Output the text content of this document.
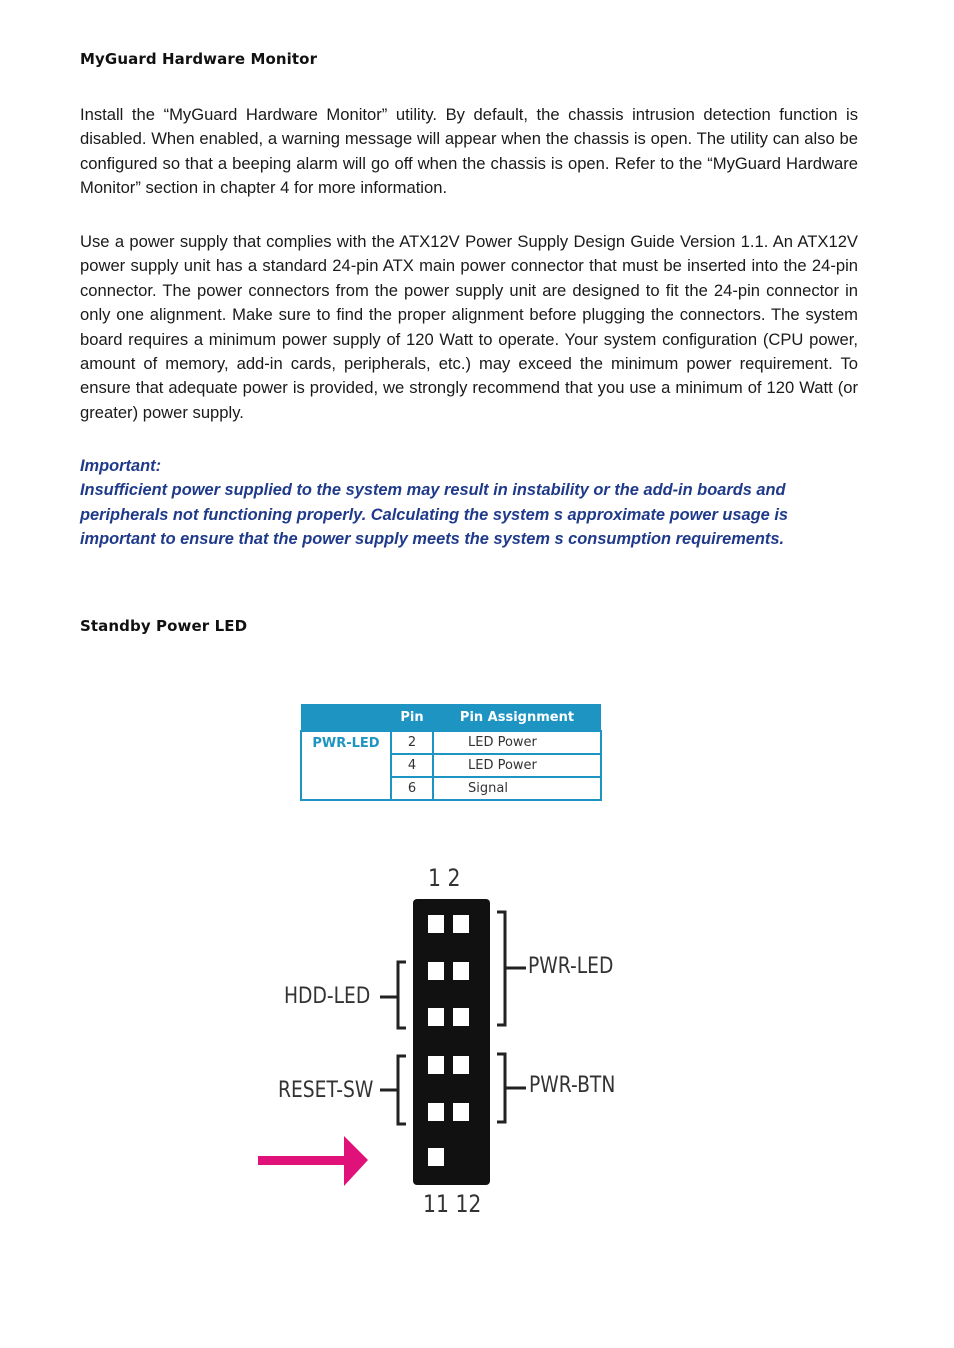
MyGuard Hardware Monitor
Install the “MyGuard Hardware Monitor” utility. By default, the chassis intrusion detection function is disabled. When enabled, a warning message will appear when the chassis is open. The utility can also be configured so that a beeping alarm will go off when the chassis is open. Refer to the “MyGuard Hardware Monitor” section in chapter 4 for more information.
Use a power supply that complies with the ATX12V Power Supply Design Guide Version 1.1. An ATX12V power supply unit has a standard 24-pin ATX main power connector that must be inserted into the 24-pin connector. The power connectors from the power supply unit are designed to fit the 24-pin connector in only one alignment. Make sure to find the proper alignment before plugging the connectors. The system board requires a minimum power supply of 120 Watt to operate. Your system configuration (CPU power, amount of memory, add-in cards, peripherals, etc.) may exceed the minimum power requirement. To ensure that adequate power is provided, we strongly recommend that you use a minimum of 120 Watt (or greater) power supply.
Important:
Insufficient power supplied to the system may result in instability or the add-in boards and
peripherals not functioning properly. Calculating the system s approximate power usage is
important to ensure that the power supply meets the system s consumption requirements.
Standby Power LED
	Pin	Pin Assignment
PWR-LED	2	LED Power
	4	LED Power
	6	Signal
1 2
11 12
PWR-LED
HDD-LED
PWR-BTN
RESET-SW
